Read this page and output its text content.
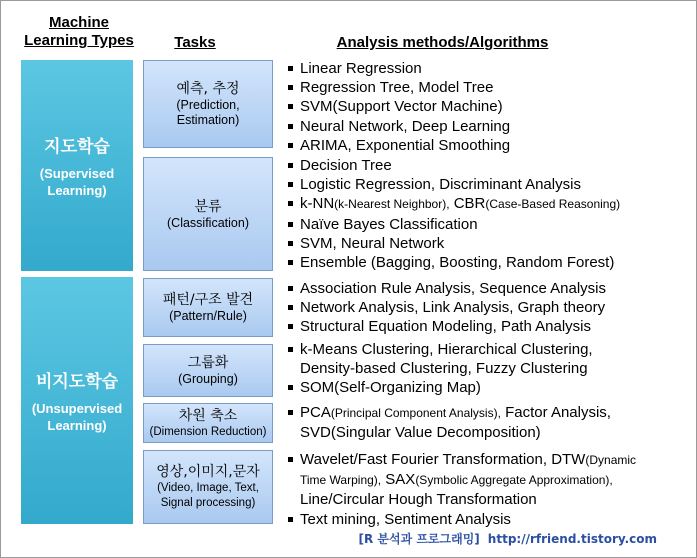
Machine Learning Types	Tasks	Analysis methods/Algorithms
지도학습
(Supervised Learning)
비지도학습
(Unsupervised Learning)
예측, 추정
(Prediction, Estimation)
분류
(Classification)
패턴/구조 발견
(Pattern/Rule)
그룹화
(Grouping)
차원 축소
(Dimension Reduction)
영상,이미지,문자
(Video, Image, Text, Signal processing)
Linear Regression
Regression Tree, Model Tree
SVM(Support Vector Machine)
Neural Network, Deep Learning
ARIMA, Exponential Smoothing
Decision Tree
Logistic Regression, Discriminant Analysis
k-NN(k-Nearest Neighbor), CBR(Case-Based Reasoning)
Naïve Bayes Classification
SVM, Neural Network
Ensemble (Bagging, Boosting, Random Forest)
Association Rule Analysis, Sequence Analysis
Network Analysis, Link Analysis, Graph theory
Structural Equation Modeling, Path Analysis
k-Means Clustering, Hierarchical Clustering,
Density-based Clustering, Fuzzy Clustering
SOM(Self-Organizing Map)
PCA(Principal Component Analysis), Factor Analysis,
SVD(Singular Value Decomposition)
Wavelet/Fast Fourier Transformation, DTW(Dynamic
Time Warping), SAX(Symbolic Aggregate Approximation),
Line/Circular Hough Transformation
Text mining, Sentiment Analysis
[R 분석과 프로그래밍] http://rfriend.tistory.com
